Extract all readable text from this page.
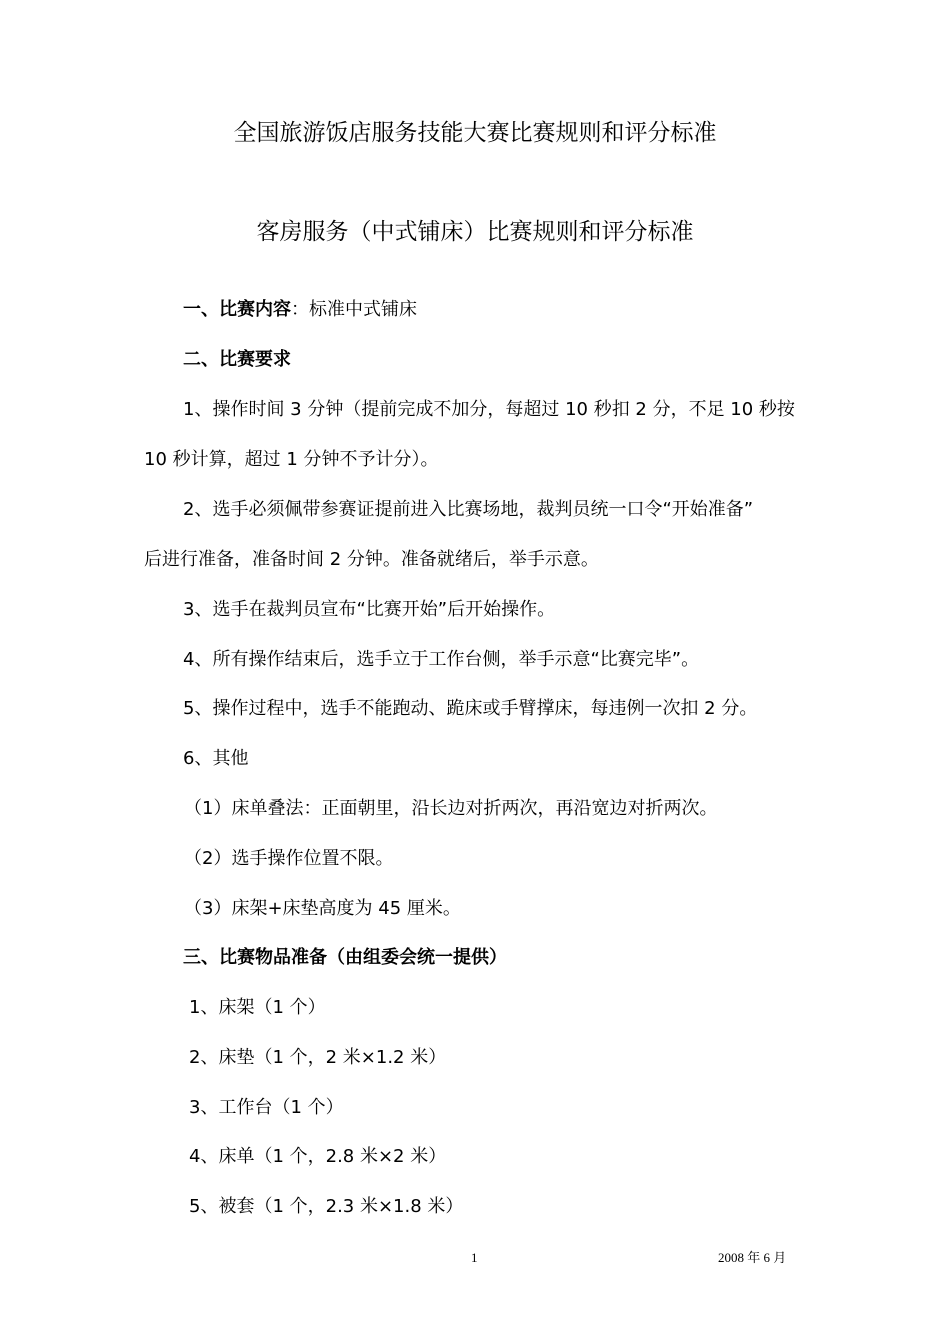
全国旅游饭店服务技能大赛比赛规则和评分标准
客房服务（中式铺床）比赛规则和评分标准
一、比赛内容：标准中式铺床
二、比赛要求
1、操作时间 3 分钟（提前完成不加分，每超过 10 秒扣 2 分，不足 10 秒按
10 秒计算，超过 1 分钟不予计分）。
2、选手必须佩带参赛证提前进入比赛场地，裁判员统一口令“开始准备”
后进行准备，准备时间 2 分钟。准备就绪后，举手示意。
3、选手在裁判员宣布“比赛开始”后开始操作。
4、所有操作结束后，选手立于工作台侧，举手示意“比赛完毕”。
5、操作过程中，选手不能跑动、跪床或手臂撑床，每违例一次扣 2 分。
6、其他
（1）床单叠法：正面朝里，沿长边对折两次，再沿宽边对折两次。
（2）选手操作位置不限。
（3）床架+床垫高度为 45 厘米。
三、比赛物品准备（由组委会统一提供）
1、床架（1 个）
2、床垫（1 个，2 米×1.2 米）
3、工作台（1 个）
4、床单（1 个，2.8 米×2 米）
5、被套（1 个，2.3 米×1.8 米）
1	2008 年 6 月
